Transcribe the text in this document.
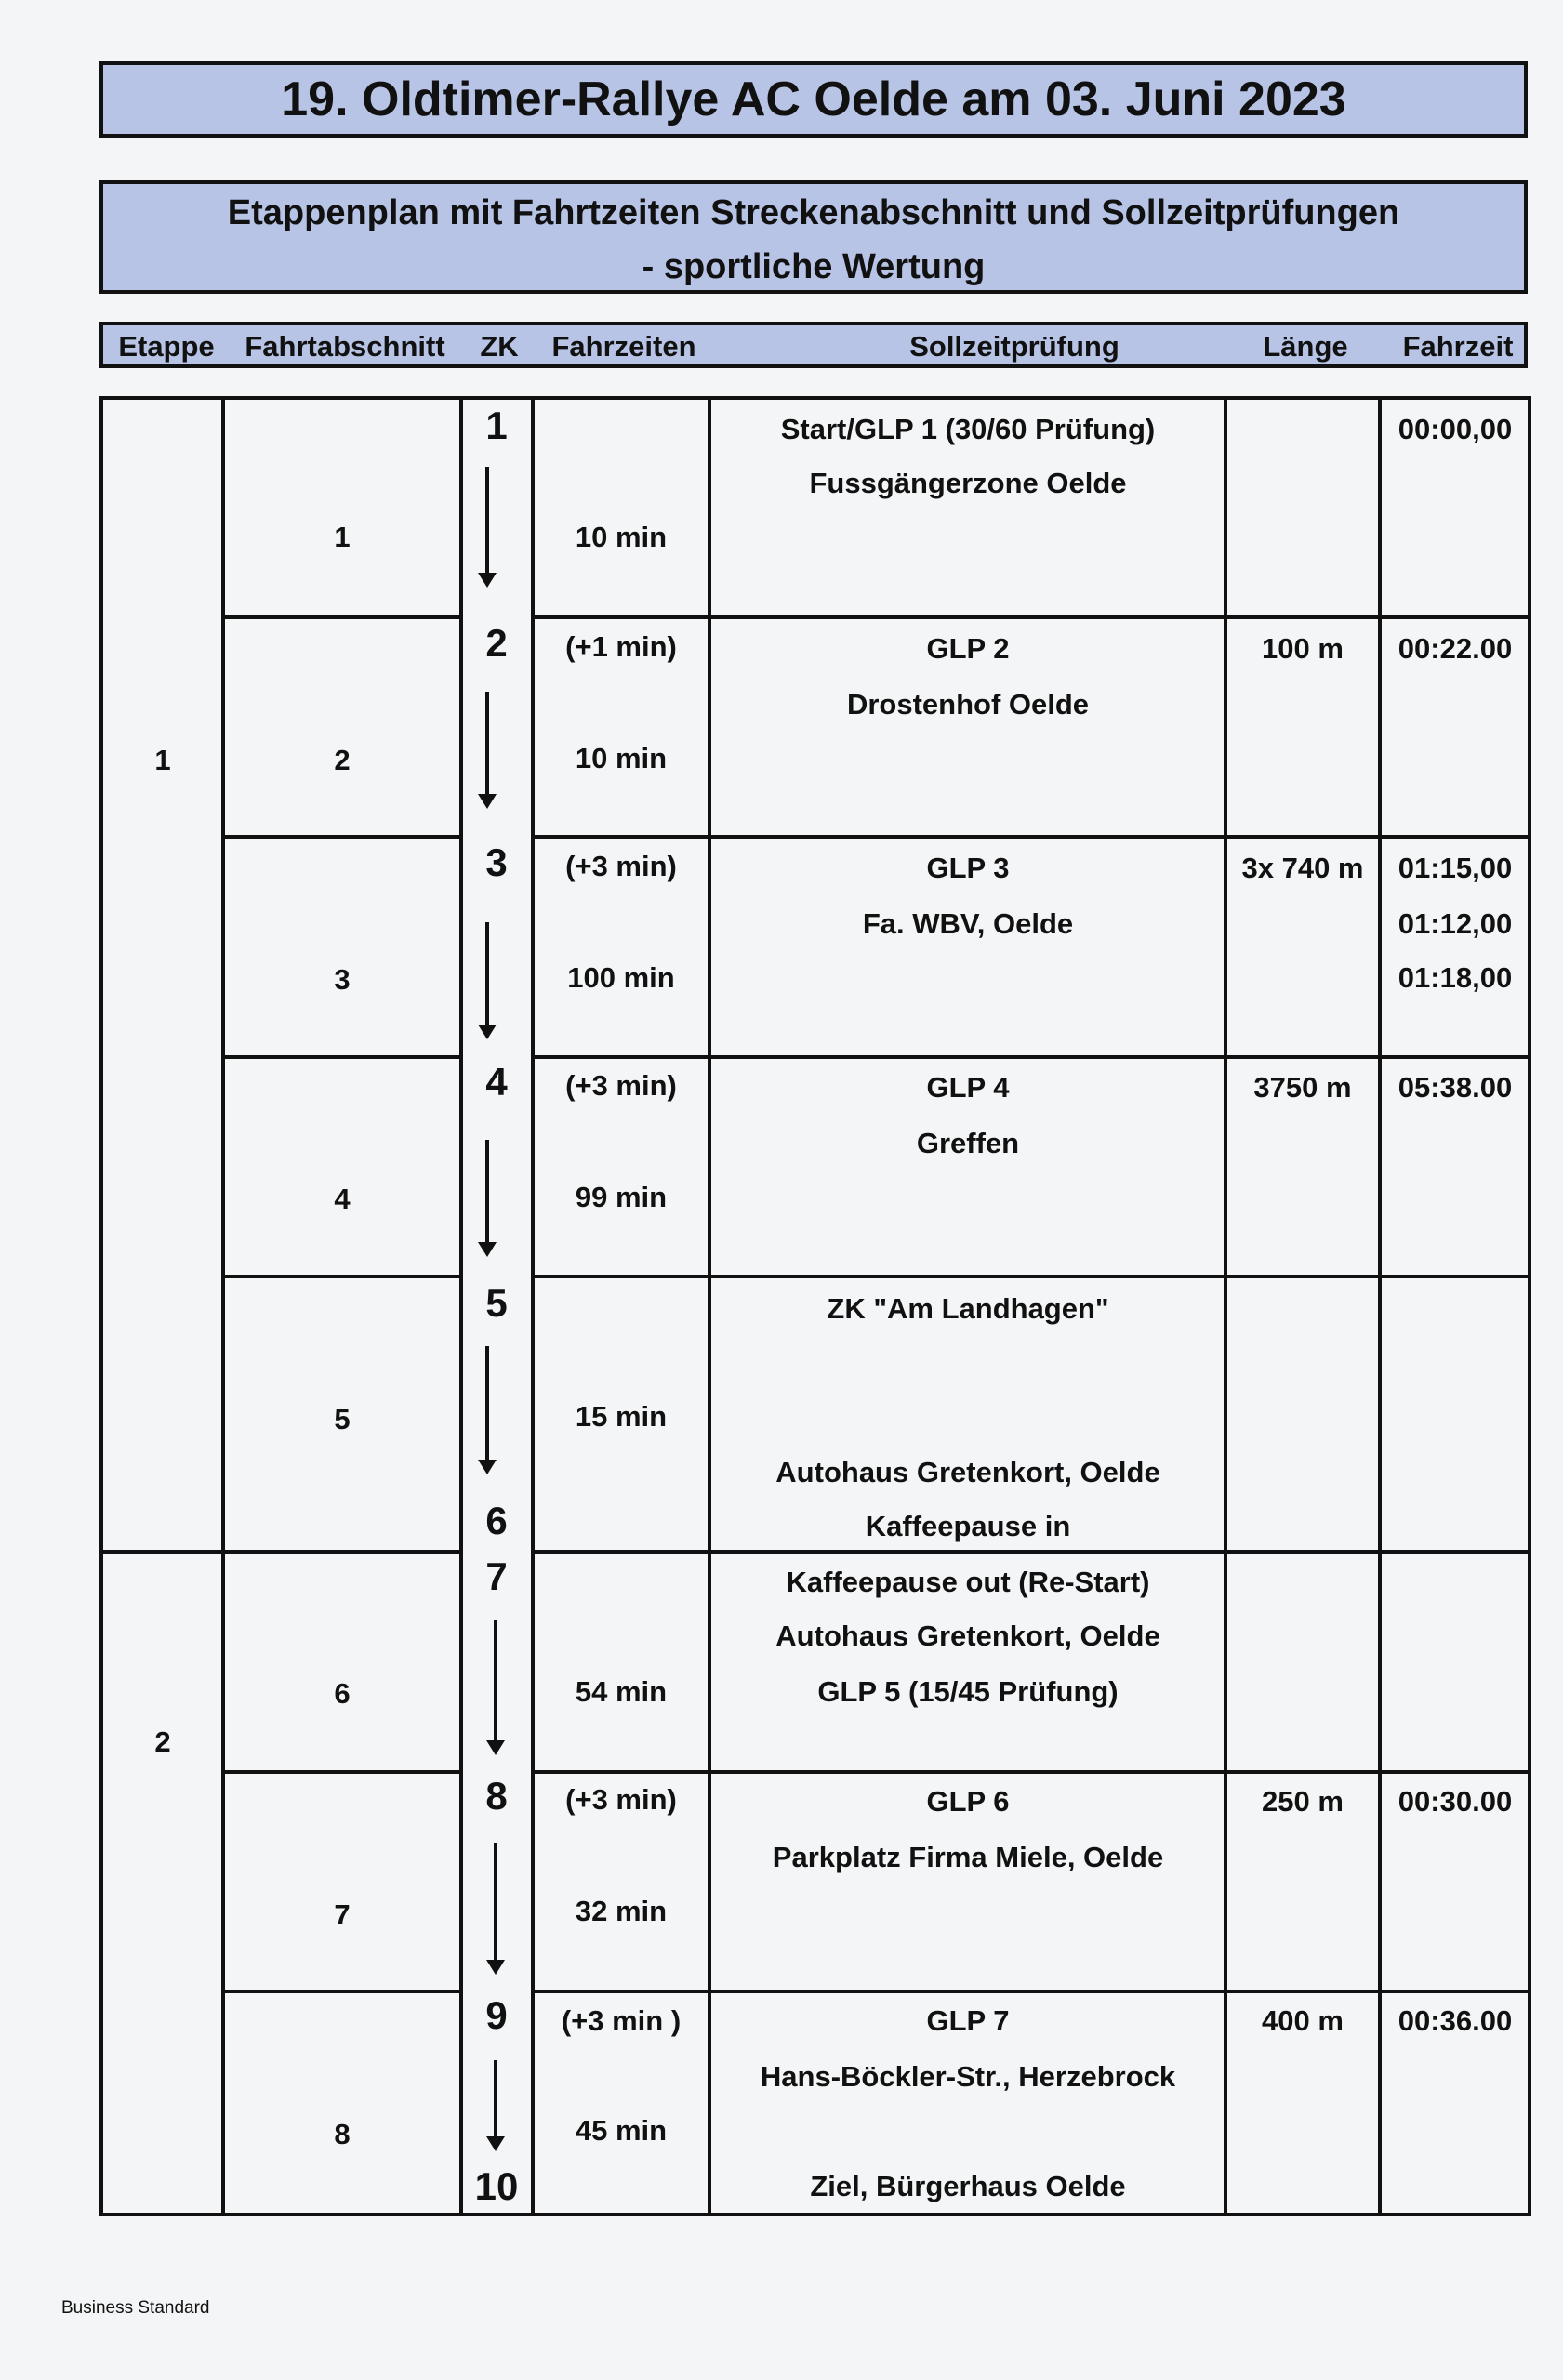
19. Oldtimer-Rallye AC Oelde am 03. Juni 2023
Etappenplan mit Fahrtzeiten Streckenabschnitt und Sollzeitprüfungen
- sportliche Wertung
Etappe Fahrtabschnitt ZK Fahrzeiten	Sollzeitprüfung	Länge Fahrzeit
1
2
1
2
3
4
5
6
7
8
1
2
3
4
5
6
7
8
9
10
10 min
(+1 min)
10 min
(+3 min)
100 min
(+3 min)
99 min
15 min
54 min
(+3 min)
32 min
(+3 min )
45 min
Start/GLP 1 (30/60 Prüfung)
Fussgängerzone Oelde
GLP 2
Drostenhof Oelde
GLP 3
Fa. WBV, Oelde
GLP 4
Greffen
ZK "Am Landhagen"
Autohaus Gretenkort, Oelde
Kaffeepause in
Kaffeepause out (Re-Start)
Autohaus Gretenkort, Oelde
GLP 5 (15/45 Prüfung)
GLP 6
Parkplatz Firma Miele, Oelde
GLP 7
Hans-Böckler-Str., Herzebrock
Ziel, Bürgerhaus Oelde
100 m
3x 740 m
3750 m
250 m
400 m
00:00,00
00:22.00
01:15,00
01:12,00
01:18,00
05:38.00
00:30.00
00:36.00
Business Standard
